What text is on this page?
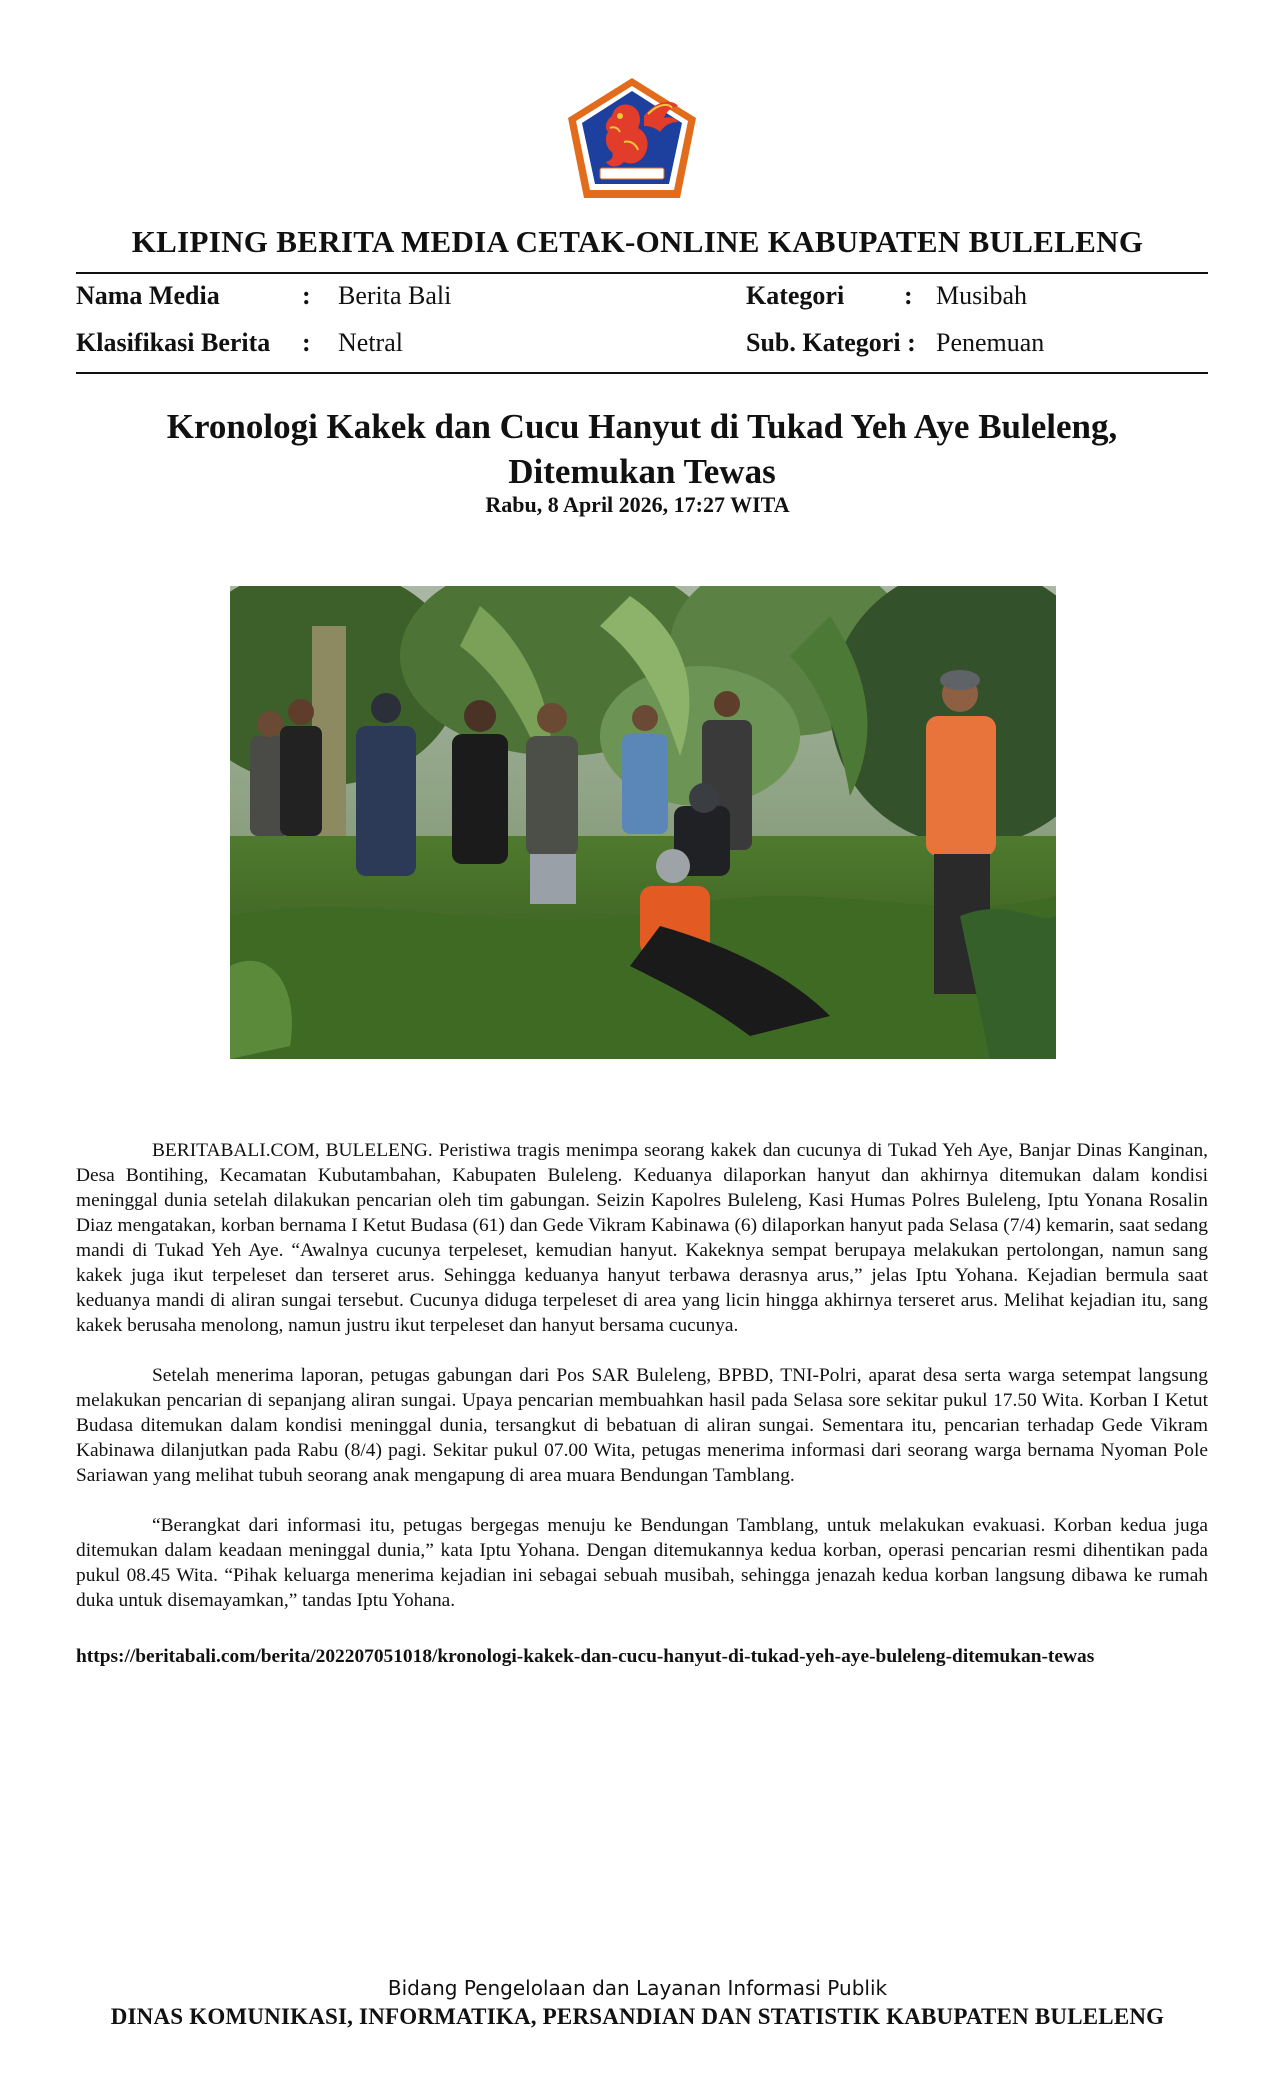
KLIPING BERITA MEDIA CETAK-ONLINE KABUPATEN BULELENG
Nama Media	: Berita Bali
Klasifikasi Berita : Netral
Kategori : Musibah
Sub. Kategori : Penemuan
Kronologi Kakek dan Cucu Hanyut di Tukad Yeh Aye Buleleng,
Ditemukan Tewas
Rabu, 8 April 2026, 17:27 WITA

BERITABALI.COM, BULELENG. Peristiwa tragis menimpa seorang kakek dan cucunya di Tukad Yeh Aye, Banjar Dinas Kanginan, Desa Bontihing, Kecamatan Kubutambahan, Kabupaten Buleleng. Keduanya dilaporkan hanyut dan akhirnya ditemukan dalam kondisi meninggal dunia setelah dilakukan pencarian oleh tim gabungan. Seizin Kapolres Buleleng, Kasi Humas Polres Buleleng, Iptu Yonana Rosalin Diaz mengatakan, korban bernama I Ketut Budasa (61) dan Gede Vikram Kabinawa (6) dilaporkan hanyut pada Selasa (7/4) kemarin, saat sedang mandi di Tukad Yeh Aye. “Awalnya cucunya terpeleset, kemudian hanyut. Kakeknya sempat berupaya melakukan pertolongan, namun sang kakek juga ikut terpeleset dan terseret arus. Sehingga keduanya hanyut terbawa derasnya arus,” jelas Iptu Yohana. Kejadian bermula saat keduanya mandi di aliran sungai tersebut. Cucunya diduga terpeleset di area yang licin hingga akhirnya terseret arus. Melihat kejadian itu, sang kakek berusaha menolong, namun justru ikut terpeleset dan hanyut bersama cucunya.

Setelah menerima laporan, petugas gabungan dari Pos SAR Buleleng, BPBD, TNI-Polri, aparat desa serta warga setempat langsung melakukan pencarian di sepanjang aliran sungai. Upaya pencarian membuahkan hasil pada Selasa sore sekitar pukul 17.50 Wita. Korban I Ketut Budasa ditemukan dalam kondisi meninggal dunia, tersangkut di bebatuan di aliran sungai. Sementara itu, pencarian terhadap Gede Vikram Kabinawa dilanjutkan pada Rabu (8/4) pagi. Sekitar pukul 07.00 Wita, petugas menerima informasi dari seorang warga bernama Nyoman Pole Sariawan yang melihat tubuh seorang anak mengapung di area muara Bendungan Tamblang.

“Berangkat dari informasi itu, petugas bergegas menuju ke Bendungan Tamblang, untuk melakukan evakuasi. Korban kedua juga ditemukan dalam keadaan meninggal dunia,” kata Iptu Yohana. Dengan ditemukannya kedua korban, operasi pencarian resmi dihentikan pada pukul 08.45 Wita. “Pihak keluarga menerima kejadian ini sebagai sebuah musibah, sehingga jenazah kedua korban langsung dibawa ke rumah duka untuk disemayamkan,” tandas Iptu Yohana.

https://beritabali.com/berita/202207051018/kronologi-kakek-dan-cucu-hanyut-di-tukad-yeh-aye-buleleng-ditemukan-tewas
Bidang Pengelolaan dan Layanan Informasi Publik
DINAS KOMUNIKASI, INFORMATIKA, PERSANDIAN DAN STATISTIK KABUPATEN BULELENG
